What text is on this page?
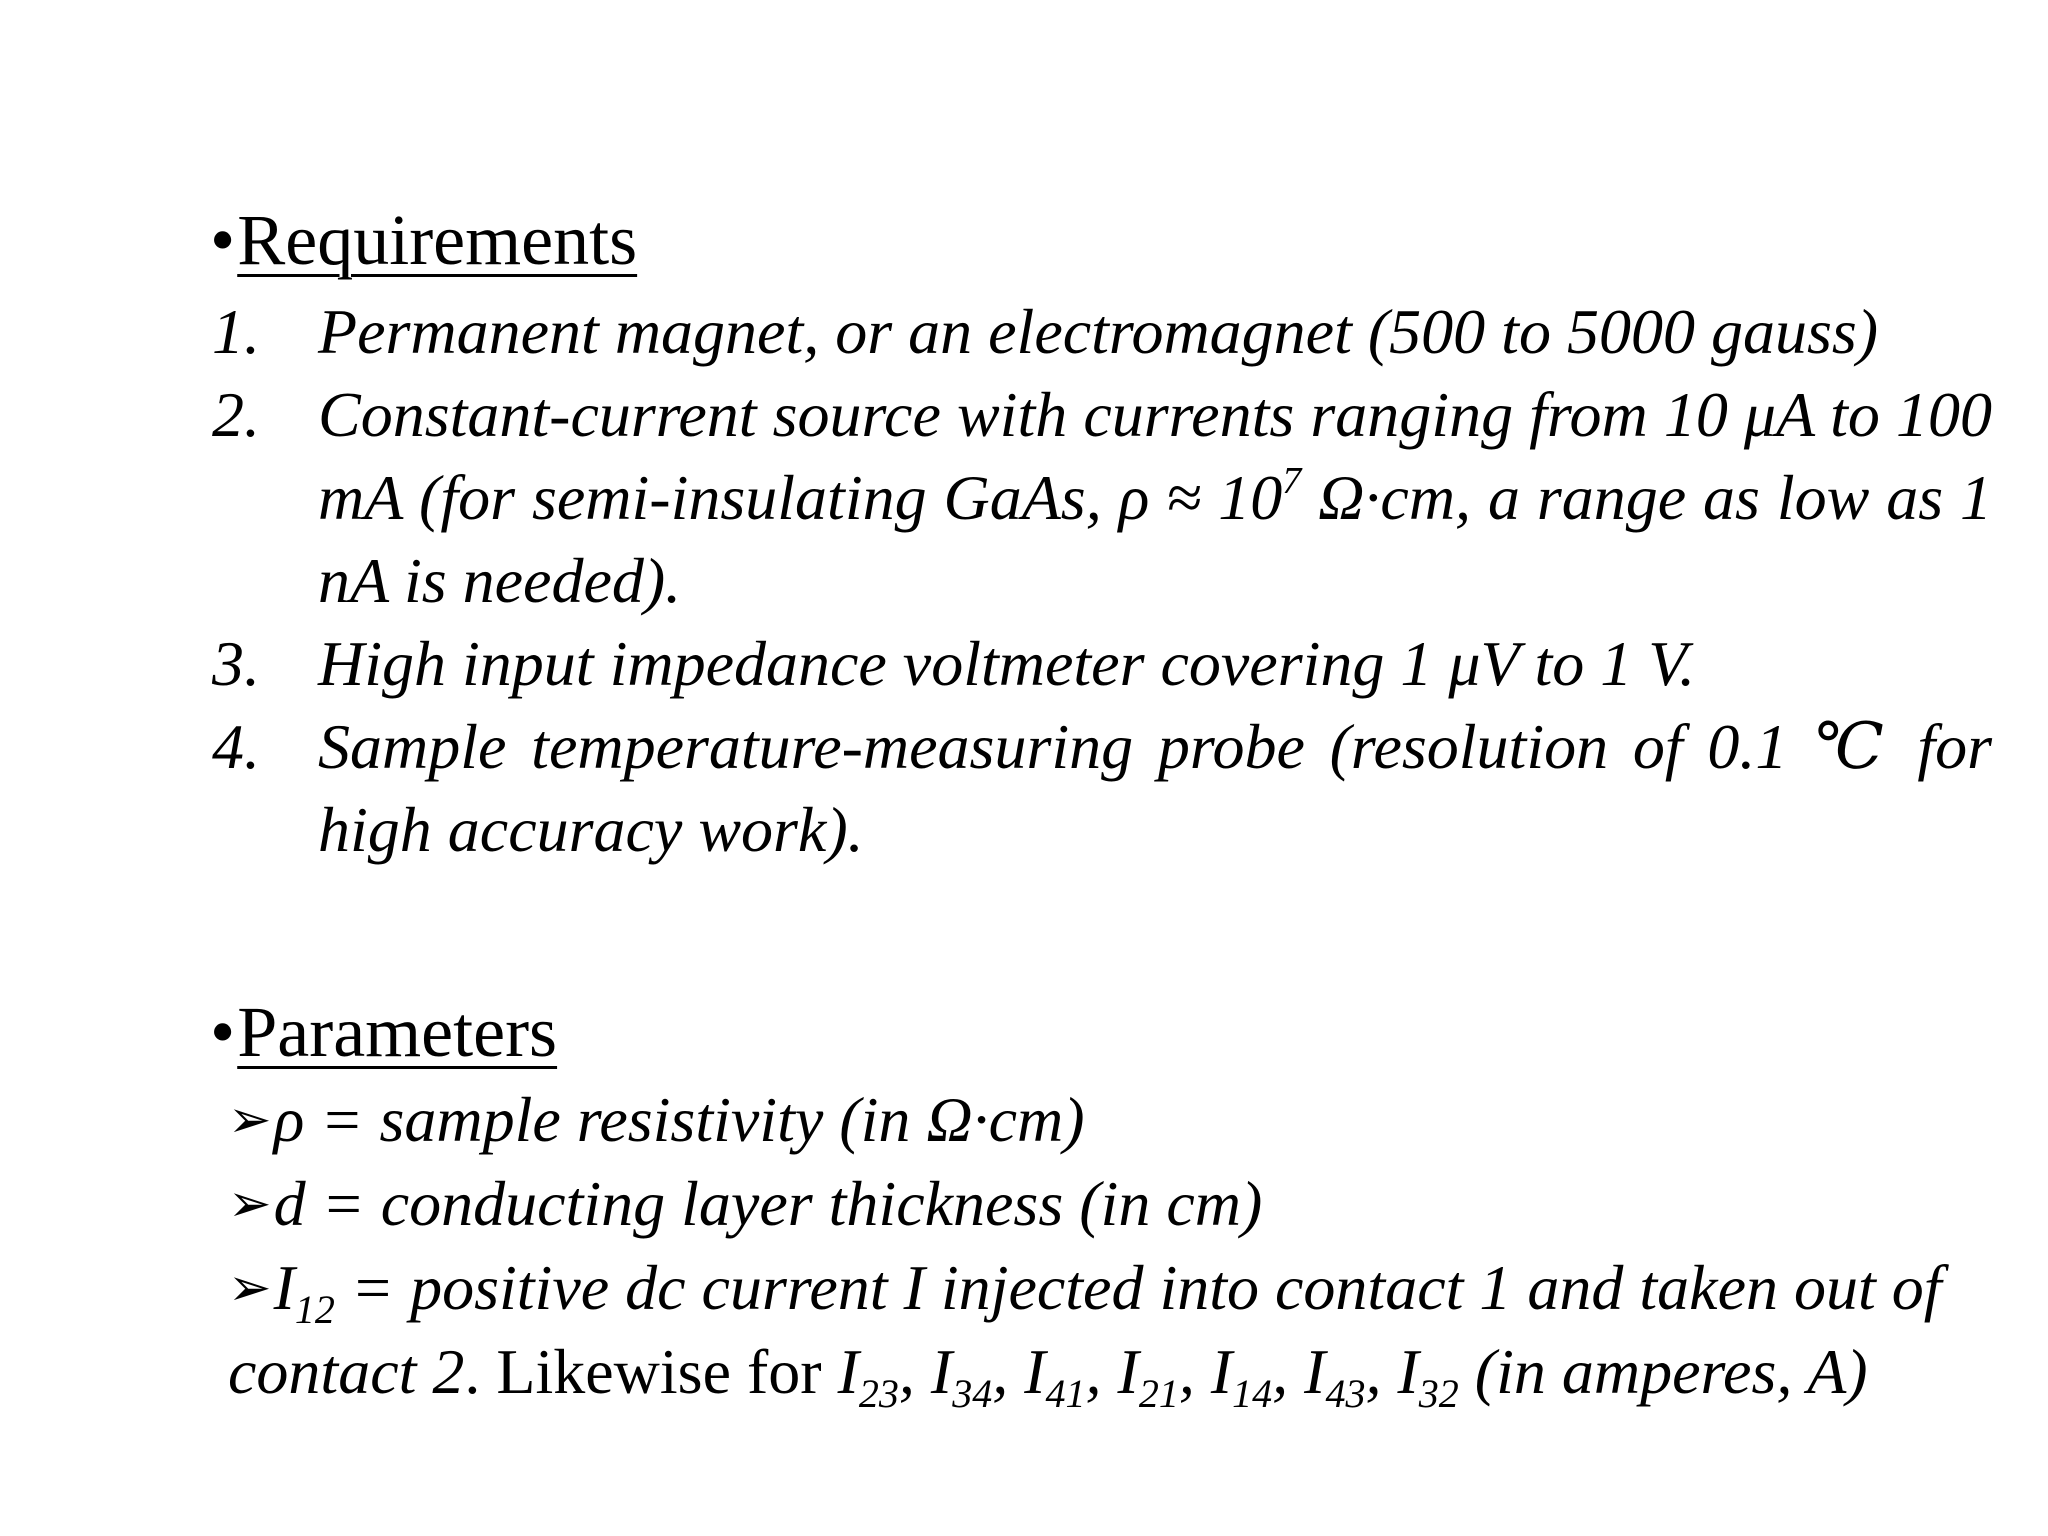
•Requirements
1. Permanent magnet, or an electromagnet (500 to 5000 gauss)
2. Constant-current source with currents ranging from 10 μA to 100 mA (for semi-insulating GaAs, $\rho \approx 10^7$ Ω·cm, a range as low as 1 nA is needed).
3. High input impedance voltmeter covering 1 μV to 1 V.
4. Sample temperature-measuring probe (resolution of 0.1 ℃ for high accuracy work).
•Parameters
➢ρ = sample resistivity (in Ω·cm)
➢d = conducting layer thickness (in cm)
$➢I_{12}$ = positive dc current I injected into contact 1 and taken out of contact 2. Likewise for $I_{23}$, $I_{34}$, $I_{41}$, $I_{21}$, $I_{14}$, $I_{43}$, $I_{32}$ (in amperes, A)
